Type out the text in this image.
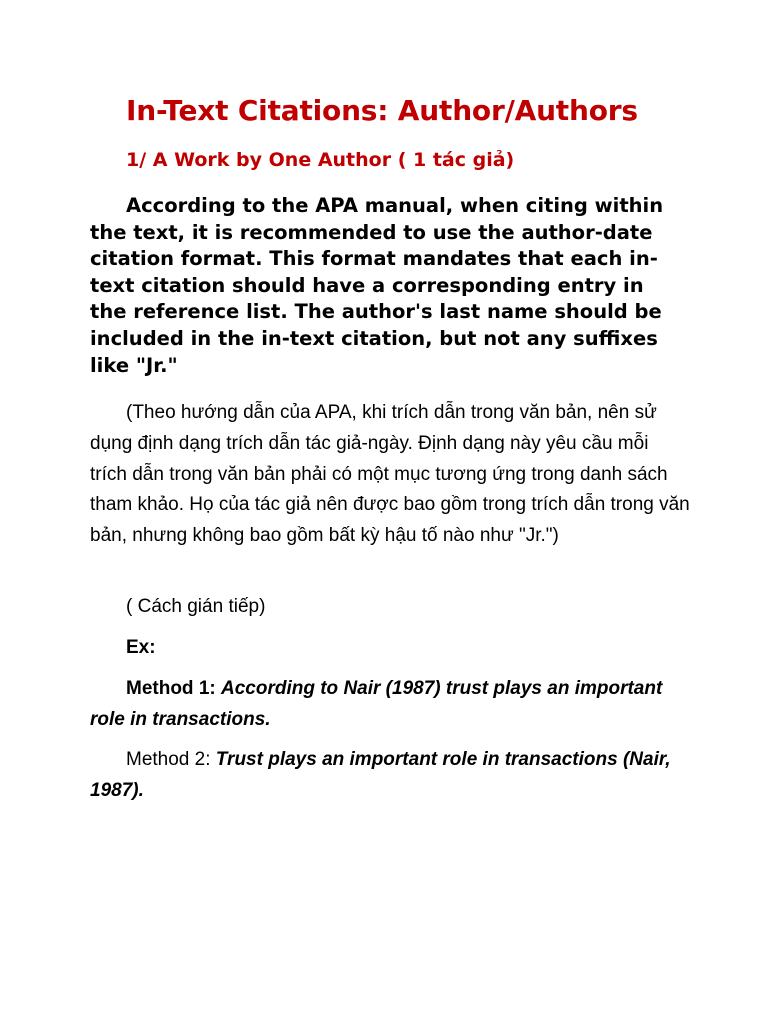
In-Text Citations: Author/Authors
1/ A Work by One Author ( 1 tác giả)

According to the APA manual, when citing within the text, it is recommended to use the author-date citation format. This format mandates that each in-text citation should have a corresponding entry in the reference list. The author's last name should be included in the in-text citation, but not any suffixes like "Jr."

(Theo hướng dẫn của APA, khi trích dẫn trong văn bản, nên sử dụng định dạng trích dẫn tác giả-ngày. Định dạng này yêu cầu mỗi trích dẫn trong văn bản phải có một mục tương ứng trong danh sách tham khảo. Họ của tác giả nên được bao gồm trong trích dẫn trong văn bản, nhưng không bao gồm bất kỳ hậu tố nào như "Jr.")

( Cách gián tiếp)

Ex:

Method 1: According to Nair (1987) trust plays an important role in transactions.

Method 2: Trust plays an important role in transactions (Nair, 1987).
